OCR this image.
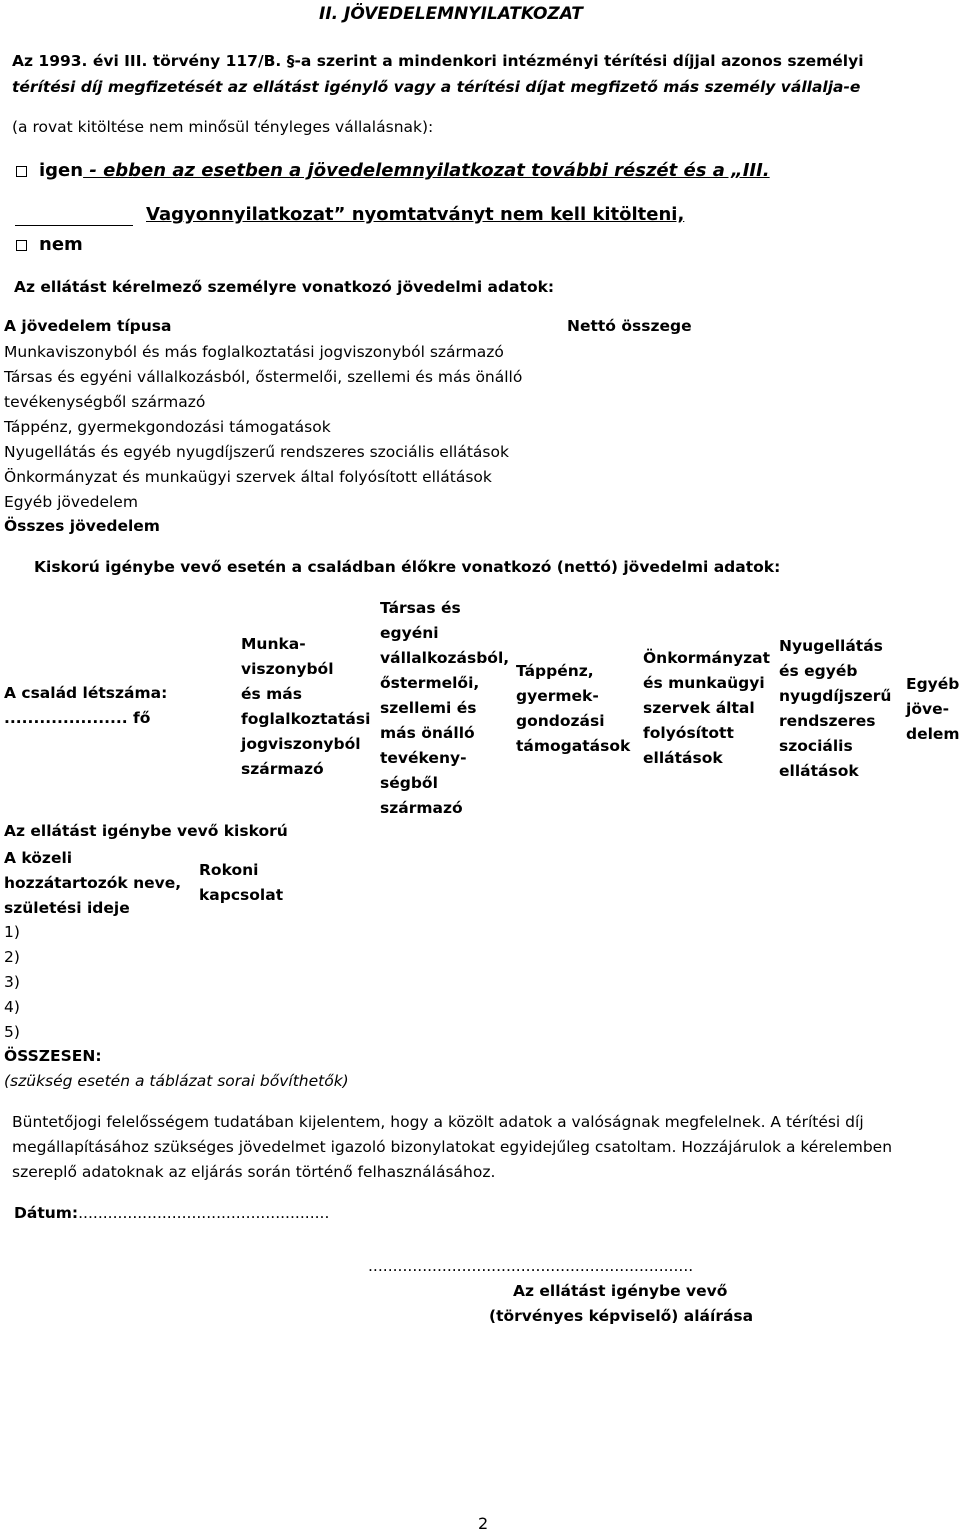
II. JÖVEDELEMNYILATKOZAT
Az 1993. évi III. törvény 117/B. §-a szerint a mindenkori intézményi térítési díjjal azonos személyi
térítési díj megfizetését az ellátást igénylő vagy a térítési díjat megfizető más személy vállalja-e
(a rovat kitöltése nem minősül tényleges vállalásnak):
igen - ebben az esetben a jövedelemnyilatkozat további részét és a „III.
Vagyonnyilatkozat” nyomtatványt nem kell kitölteni,
nem
Az ellátást kérelmező személyre vonatkozó jövedelmi adatok:
A jövedelem típusa	Nettó összege
Munkaviszonyból és más foglalkoztatási jogviszonyból származó
Társas és egyéni vállalkozásból, őstermelői, szellemi és más önálló
tevékenységből származó
Táppénz, gyermekgondozási támogatások
Nyugellátás és egyéb nyugdíjszerű rendszeres szociális ellátások
Önkormányzat és munkaügyi szervek által folyósított ellátások
Egyéb jövedelem
Összes jövedelem
Kiskorú igénybe vevő esetén a családban élőkre vonatkozó (nettó) jövedelmi adatok:
A család létszáma:
..................... fő
Munka-
viszonyból
és más
foglalkoztatási
jogviszonyból
származó
Társas és
egyéni
vállalkozásból,
őstermelői,
szellemi és
más önálló
tevékeny-
ségből
származó
Táppénz,
gyermek-
gondozási
támogatások
Önkormányzat
és munkaügyi
szervek által
folyósított
ellátások
Nyugellátás
és egyéb
nyugdíjszerű
rendszeres
szociális
ellátások
Egyéb
jöve-
delem
Az ellátást igénybe vevő kiskorú
A közeli
hozzátartozók neve,
születési ideje
Rokoni
kapcsolat
1)
2)
3)
4)
5)
ÖSSZESEN:
(szükség esetén a táblázat sorai bővíthetők)
Büntetőjogi felelősségem tudatában kijelentem, hogy a közölt adatok a valóságnak megfelelnek. A térítési díj
megállapításához szükséges jövedelmet igazoló bizonylatokat egyidejűleg csatoltam. Hozzájárulok a kérelemben
szereplő adatoknak az eljárás során történő felhasználásához.
Dátum:...................................................
..................................................................
Az ellátást igénybe vevő
(törvényes képviselő) aláírása
2
